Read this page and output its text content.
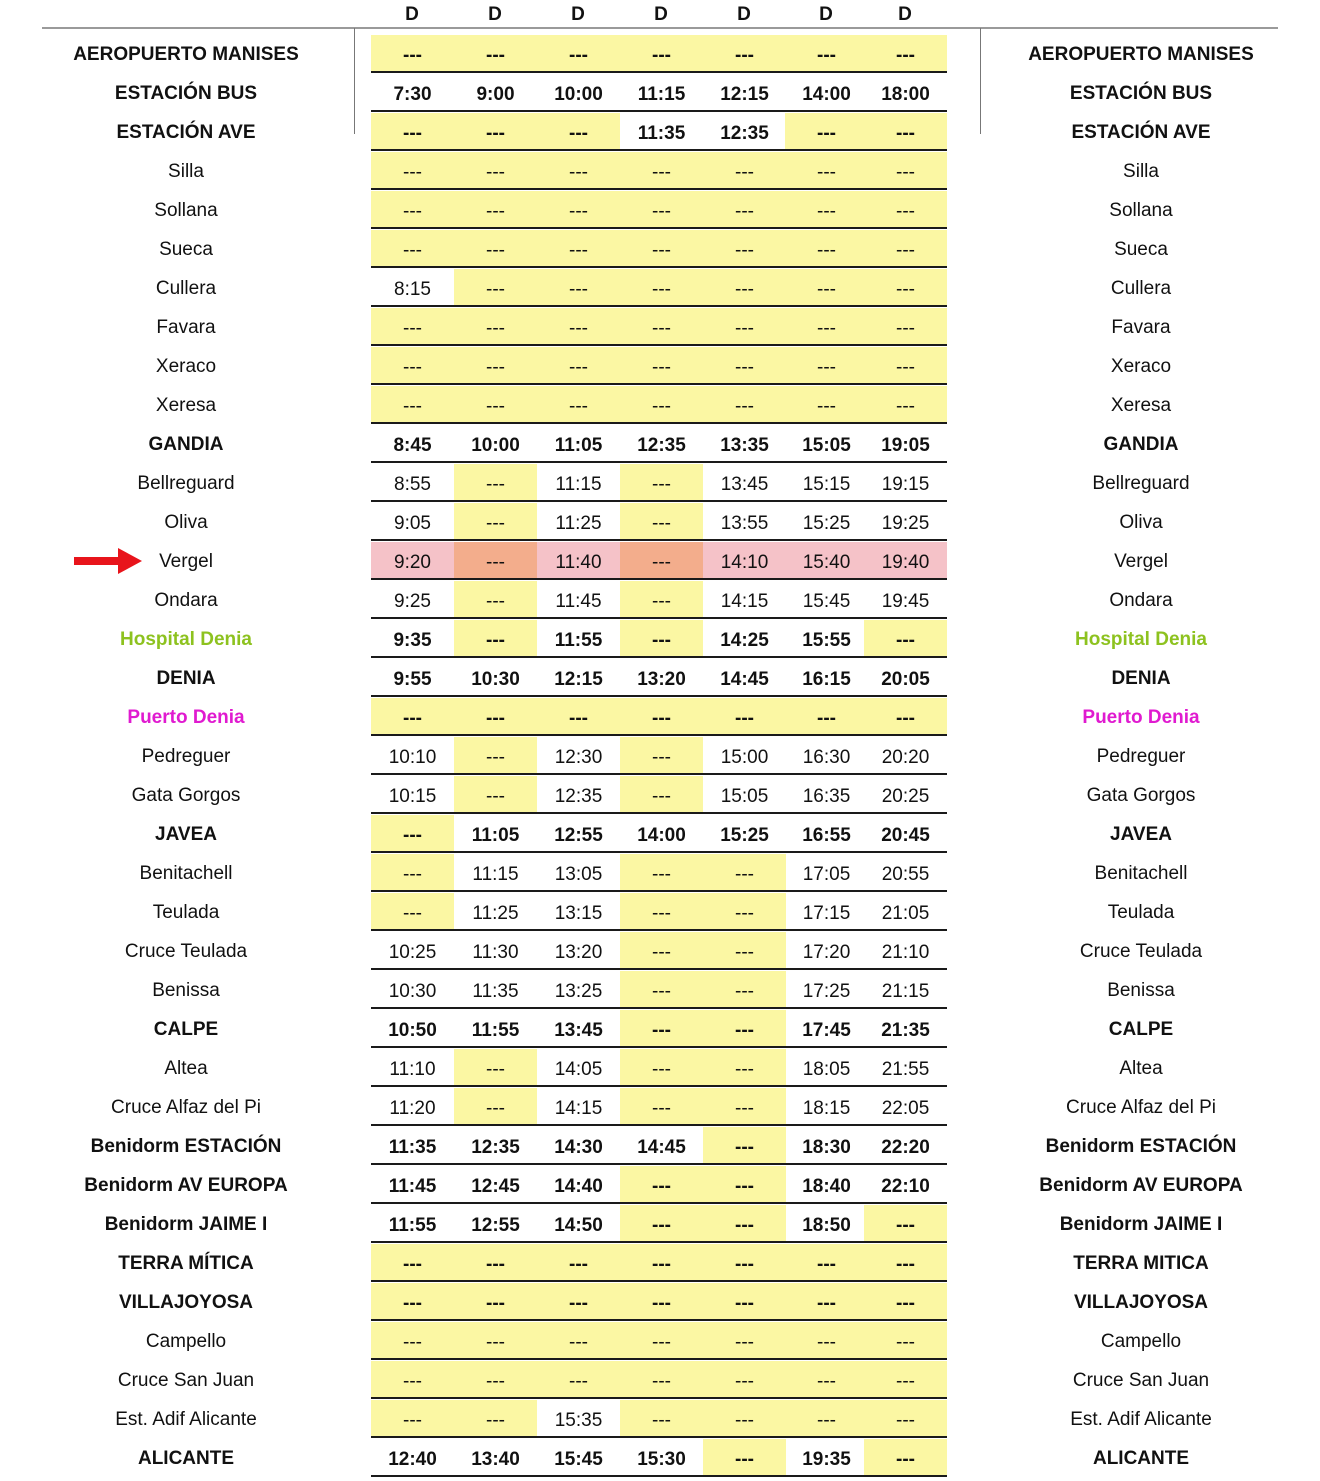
D	D	D	D	D	D	D
AEROPUERTO MANISES	---	---	---	---	---	---	---	AEROPUERTO MANISES
ESTACIÓN BUS	7:30	9:00	10:00	11:15	12:15	14:00	18:00	ESTACIÓN BUS
ESTACIÓN AVE	---	---	---	11:35	12:35	---	---	ESTACIÓN AVE
Silla	---	---	---	---	---	---	---	Silla
Sollana	---	---	---	---	---	---	---	Sollana
Sueca	---	---	---	---	---	---	---	Sueca
Cullera	8:15	---	---	---	---	---	---	Cullera
Favara	---	---	---	---	---	---	---	Favara
Xeraco	---	---	---	---	---	---	---	Xeraco
Xeresa	---	---	---	---	---	---	---	Xeresa
GANDIA	8:45	10:00	11:05	12:35	13:35	15:05	19:05	GANDIA
Bellreguard	8:55	---	11:15	---	13:45	15:15	19:15	Bellreguard
Oliva	9:05	---	11:25	---	13:55	15:25	19:25	Oliva
Vergel	9:20	---	11:40	---	14:10	15:40	19:40	Vergel
Ondara	9:25	---	11:45	---	14:15	15:45	19:45	Ondara
Hospital Denia	9:35	---	11:55	---	14:25	15:55	---	Hospital Denia
DENIA	9:55	10:30	12:15	13:20	14:45	16:15	20:05	DENIA
Puerto Denia	---	---	---	---	---	---	---	Puerto Denia
Pedreguer	10:10	---	12:30	---	15:00	16:30	20:20	Pedreguer
Gata Gorgos	10:15	---	12:35	---	15:05	16:35	20:25	Gata Gorgos
JAVEA	---	11:05	12:55	14:00	15:25	16:55	20:45	JAVEA
Benitachell	---	11:15	13:05	---	---	17:05	20:55	Benitachell
Teulada	---	11:25	13:15	---	---	17:15	21:05	Teulada
Cruce Teulada	10:25	11:30	13:20	---	---	17:20	21:10	Cruce Teulada
Benissa	10:30	11:35	13:25	---	---	17:25	21:15	Benissa
CALPE	10:50	11:55	13:45	---	---	17:45	21:35	CALPE
Altea	11:10	---	14:05	---	---	18:05	21:55	Altea
Cruce Alfaz del Pi	11:20	---	14:15	---	---	18:15	22:05	Cruce Alfaz del Pi
Benidorm ESTACIÓN	11:35	12:35	14:30	14:45	---	18:30	22:20	Benidorm ESTACIÓN
Benidorm AV EUROPA	11:45	12:45	14:40	---	---	18:40	22:10	Benidorm AV EUROPA
Benidorm JAIME I	11:55	12:55	14:50	---	---	18:50	---	Benidorm JAIME I
TERRA MÍTICA	---	---	---	---	---	---	---	TERRA MITICA
VILLAJOYOSA	---	---	---	---	---	---	---	VILLAJOYOSA
Campello	---	---	---	---	---	---	---	Campello
Cruce San Juan	---	---	---	---	---	---	---	Cruce San Juan
Est. Adif Alicante	---	---	15:35	---	---	---	---	Est. Adif Alicante
ALICANTE	12:40	13:40	15:45	15:30	---	19:35	---	ALICANTE
